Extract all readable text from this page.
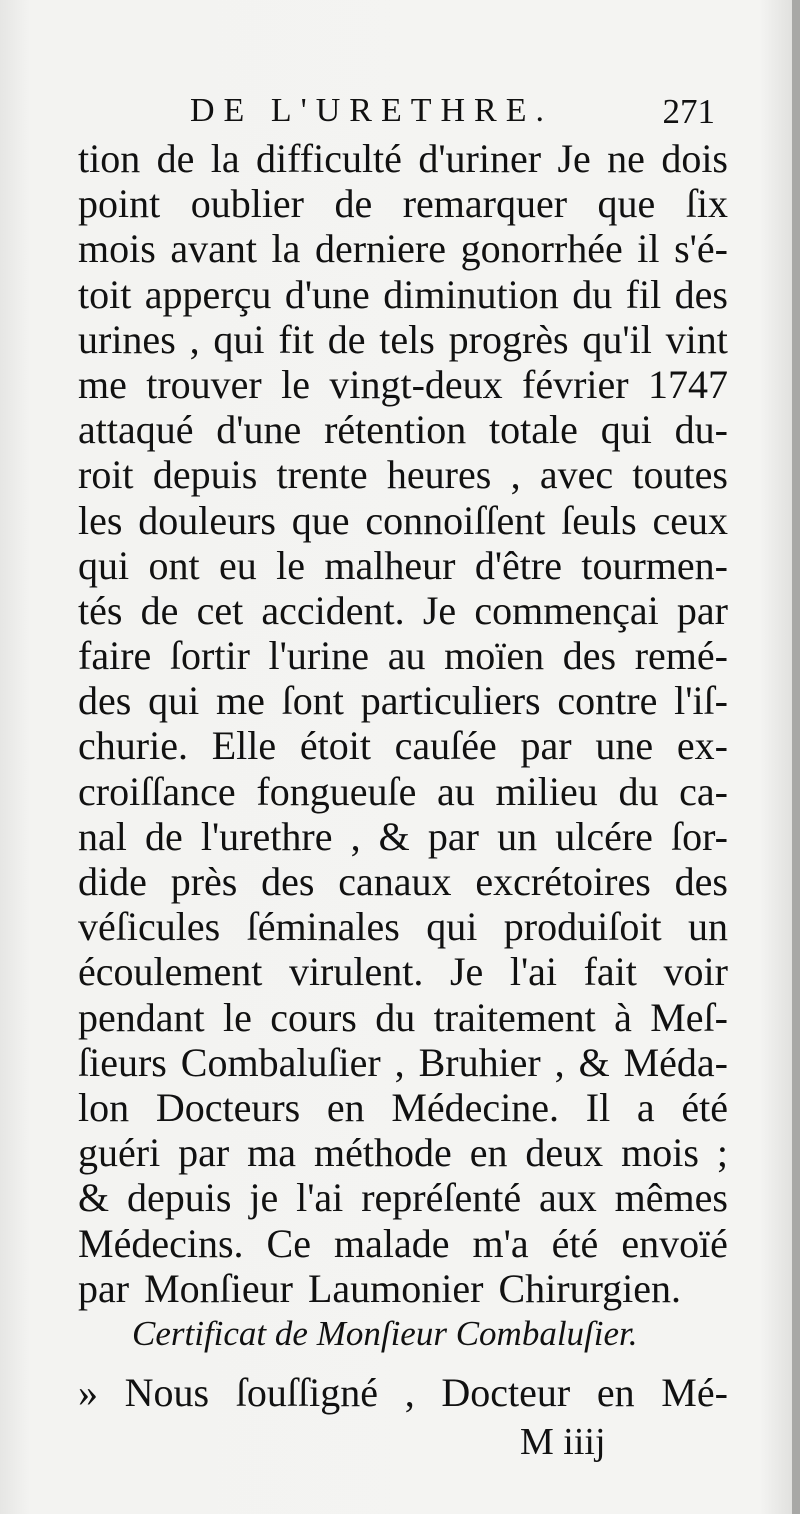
DE L'URETHRE.	271
tion de la difficulté d'uriner Je ne dois
point oublier de remarquer que ſix
mois avant la derniere gonorrhée il s'é-
toit apperçu d'une diminution du fil des
urines , qui fit de tels progrès qu'il vint
me trouver le vingt-deux février 1747
attaqué d'une rétention totale qui du-
roit depuis trente heures , avec toutes
les douleurs que connoiſſent ſeuls ceux
qui ont eu le malheur d'être tourmen-
tés de cet accident. Je commençai par
faire ſortir l'urine au moïen des remé-
des qui me ſont particuliers contre l'iſ-
churie. Elle étoit cauſée par une ex-
croiſſance fongueuſe au milieu du ca-
nal de l'urethre , & par un ulcére ſor-
dide près des canaux excrétoires des
véſicules ſéminales qui produiſoit un
écoulement virulent. Je l'ai fait voir
pendant le cours du traitement à Meſ-
ſieurs Combaluſier , Bruhier , & Méda-
lon Docteurs en Médecine. Il a été
guéri par ma méthode en deux mois ;
& depuis je l'ai repréſenté aux mêmes
Médecins. Ce malade m'a été envoïé
par Monſieur Laumonier Chirurgien.
Certificat de Monſieur Combaluſier.
» Nous ſouſſigné , Docteur en Mé-
M iiij
